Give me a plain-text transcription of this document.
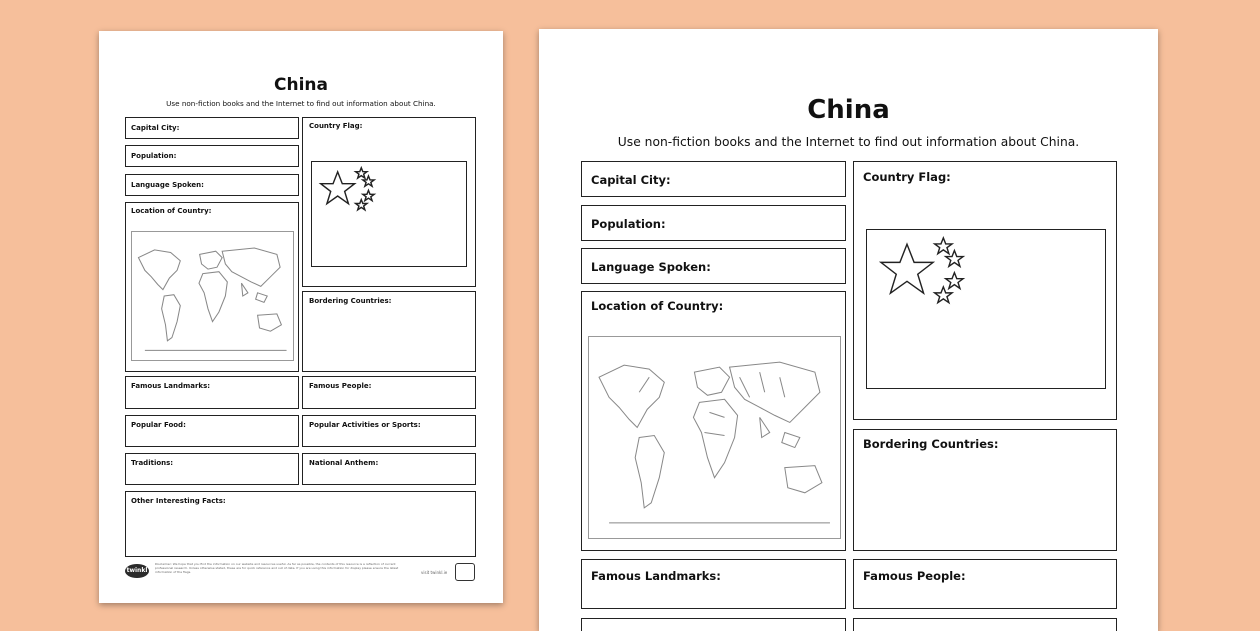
China
Use non-fiction books and the Internet to find out information about China.
Capital City:
Population:
Language Spoken:
Location of Country:
Country Flag:
Bordering Countries:
Famous Landmarks:	Famous People:
Popular Food:	Popular Activities or Sports:
Traditions:	National Anthem:
Other Interesting Facts:
twinkl
Disclaimer: We hope that you find the information on our website and resources useful. As far as possible, the contents of this resource is a reflection of current professional research. Unless otherwise stated, these are for quick reference and out of date. If you are using this information for display please ensure the latest information of the flags.	visit twinkl.ie
China
Use non-fiction books and the Internet to find out information about China.
Capital City:
Population:
Language Spoken:
Location of Country:
Country Flag:
Bordering Countries:
Famous Landmarks:	Famous People:
